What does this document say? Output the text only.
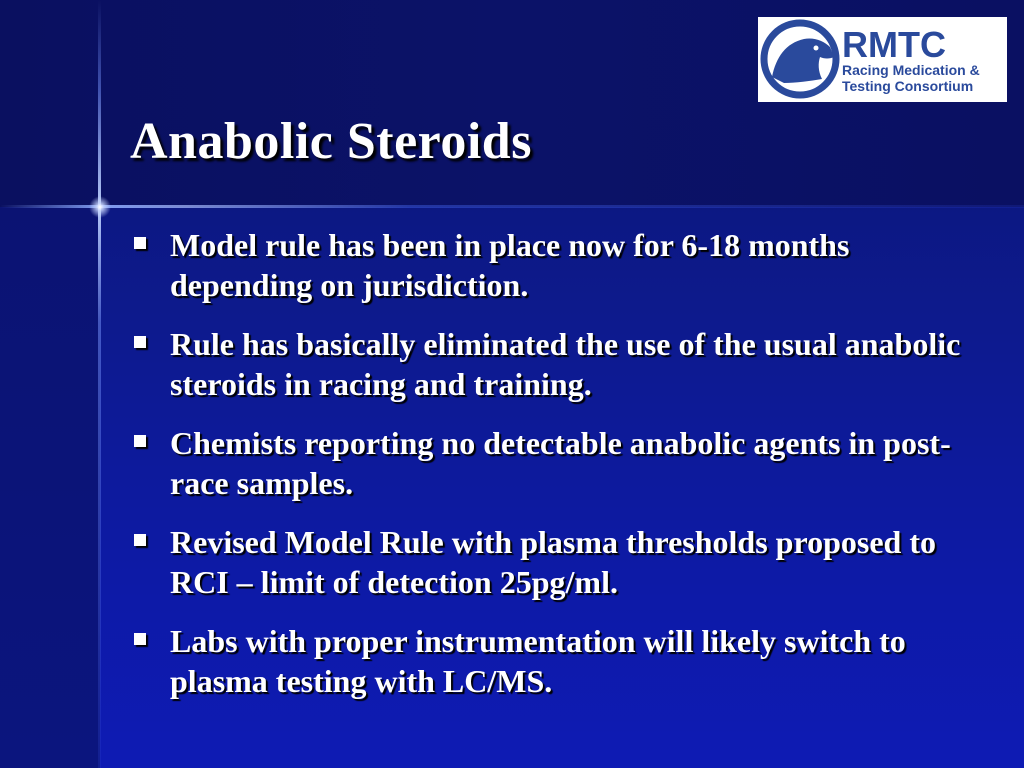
Anabolic Steroids
RMTC
Racing Medication &
Testing Consortium
Model rule has been in place now for 6-18 months depending on jurisdiction.
Rule has basically eliminated the use of the usual anabolic steroids in racing and training.
Chemists reporting no detectable anabolic agents in post-race samples.
Revised Model Rule with plasma thresholds proposed to RCI – limit of detection 25pg/ml.
Labs with proper instrumentation will likely switch to plasma testing with LC/MS.
